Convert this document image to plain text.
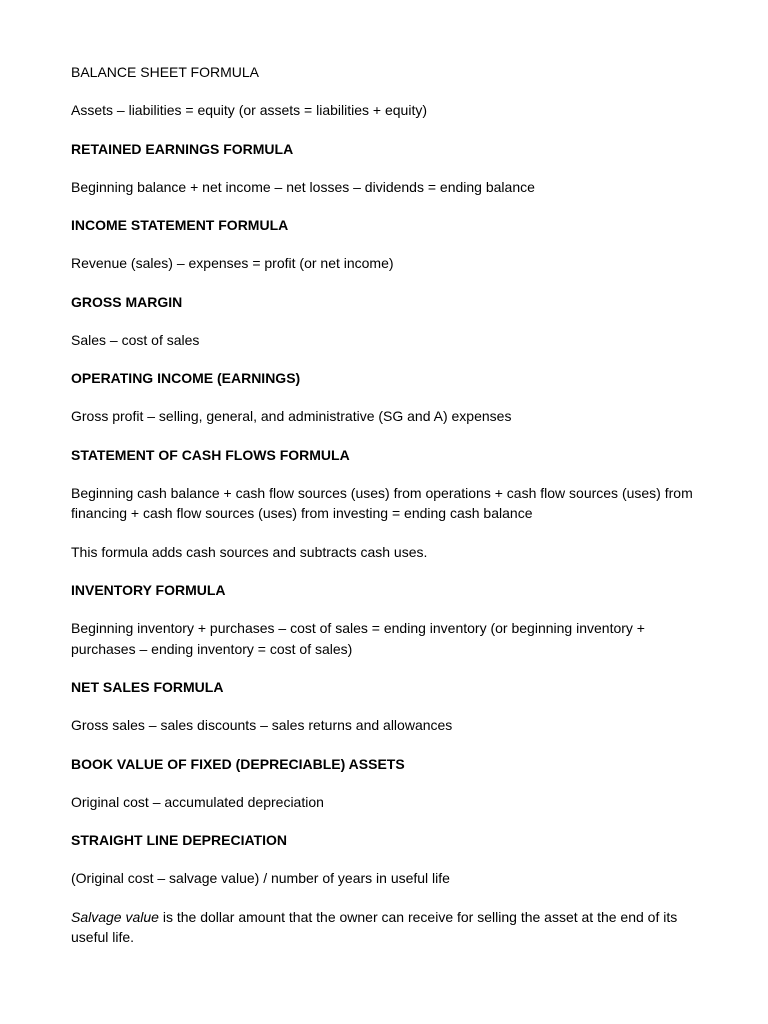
BALANCE SHEET FORMULA
Assets – liabilities = equity (or assets = liabilities + equity)
RETAINED EARNINGS FORMULA
Beginning balance + net income – net losses – dividends = ending balance
INCOME STATEMENT FORMULA
Revenue (sales) – expenses = profit (or net income)
GROSS MARGIN
Sales – cost of sales
OPERATING INCOME (EARNINGS)
Gross profit – selling, general, and administrative (SG and A) expenses
STATEMENT OF CASH FLOWS FORMULA
Beginning cash balance + cash flow sources (uses) from operations + cash flow sources (uses) from financing + cash flow sources (uses) from investing = ending cash balance
This formula adds cash sources and subtracts cash uses.
INVENTORY FORMULA
Beginning inventory + purchases – cost of sales = ending inventory (or beginning inventory + purchases – ending inventory = cost of sales)
NET SALES FORMULA
Gross sales – sales discounts – sales returns and allowances
BOOK VALUE OF FIXED (DEPRECIABLE) ASSETS
Original cost – accumulated depreciation
STRAIGHT LINE DEPRECIATION
(Original cost – salvage value) / number of years in useful life
Salvage value is the dollar amount that the owner can receive for selling the asset at the end of its useful life.
